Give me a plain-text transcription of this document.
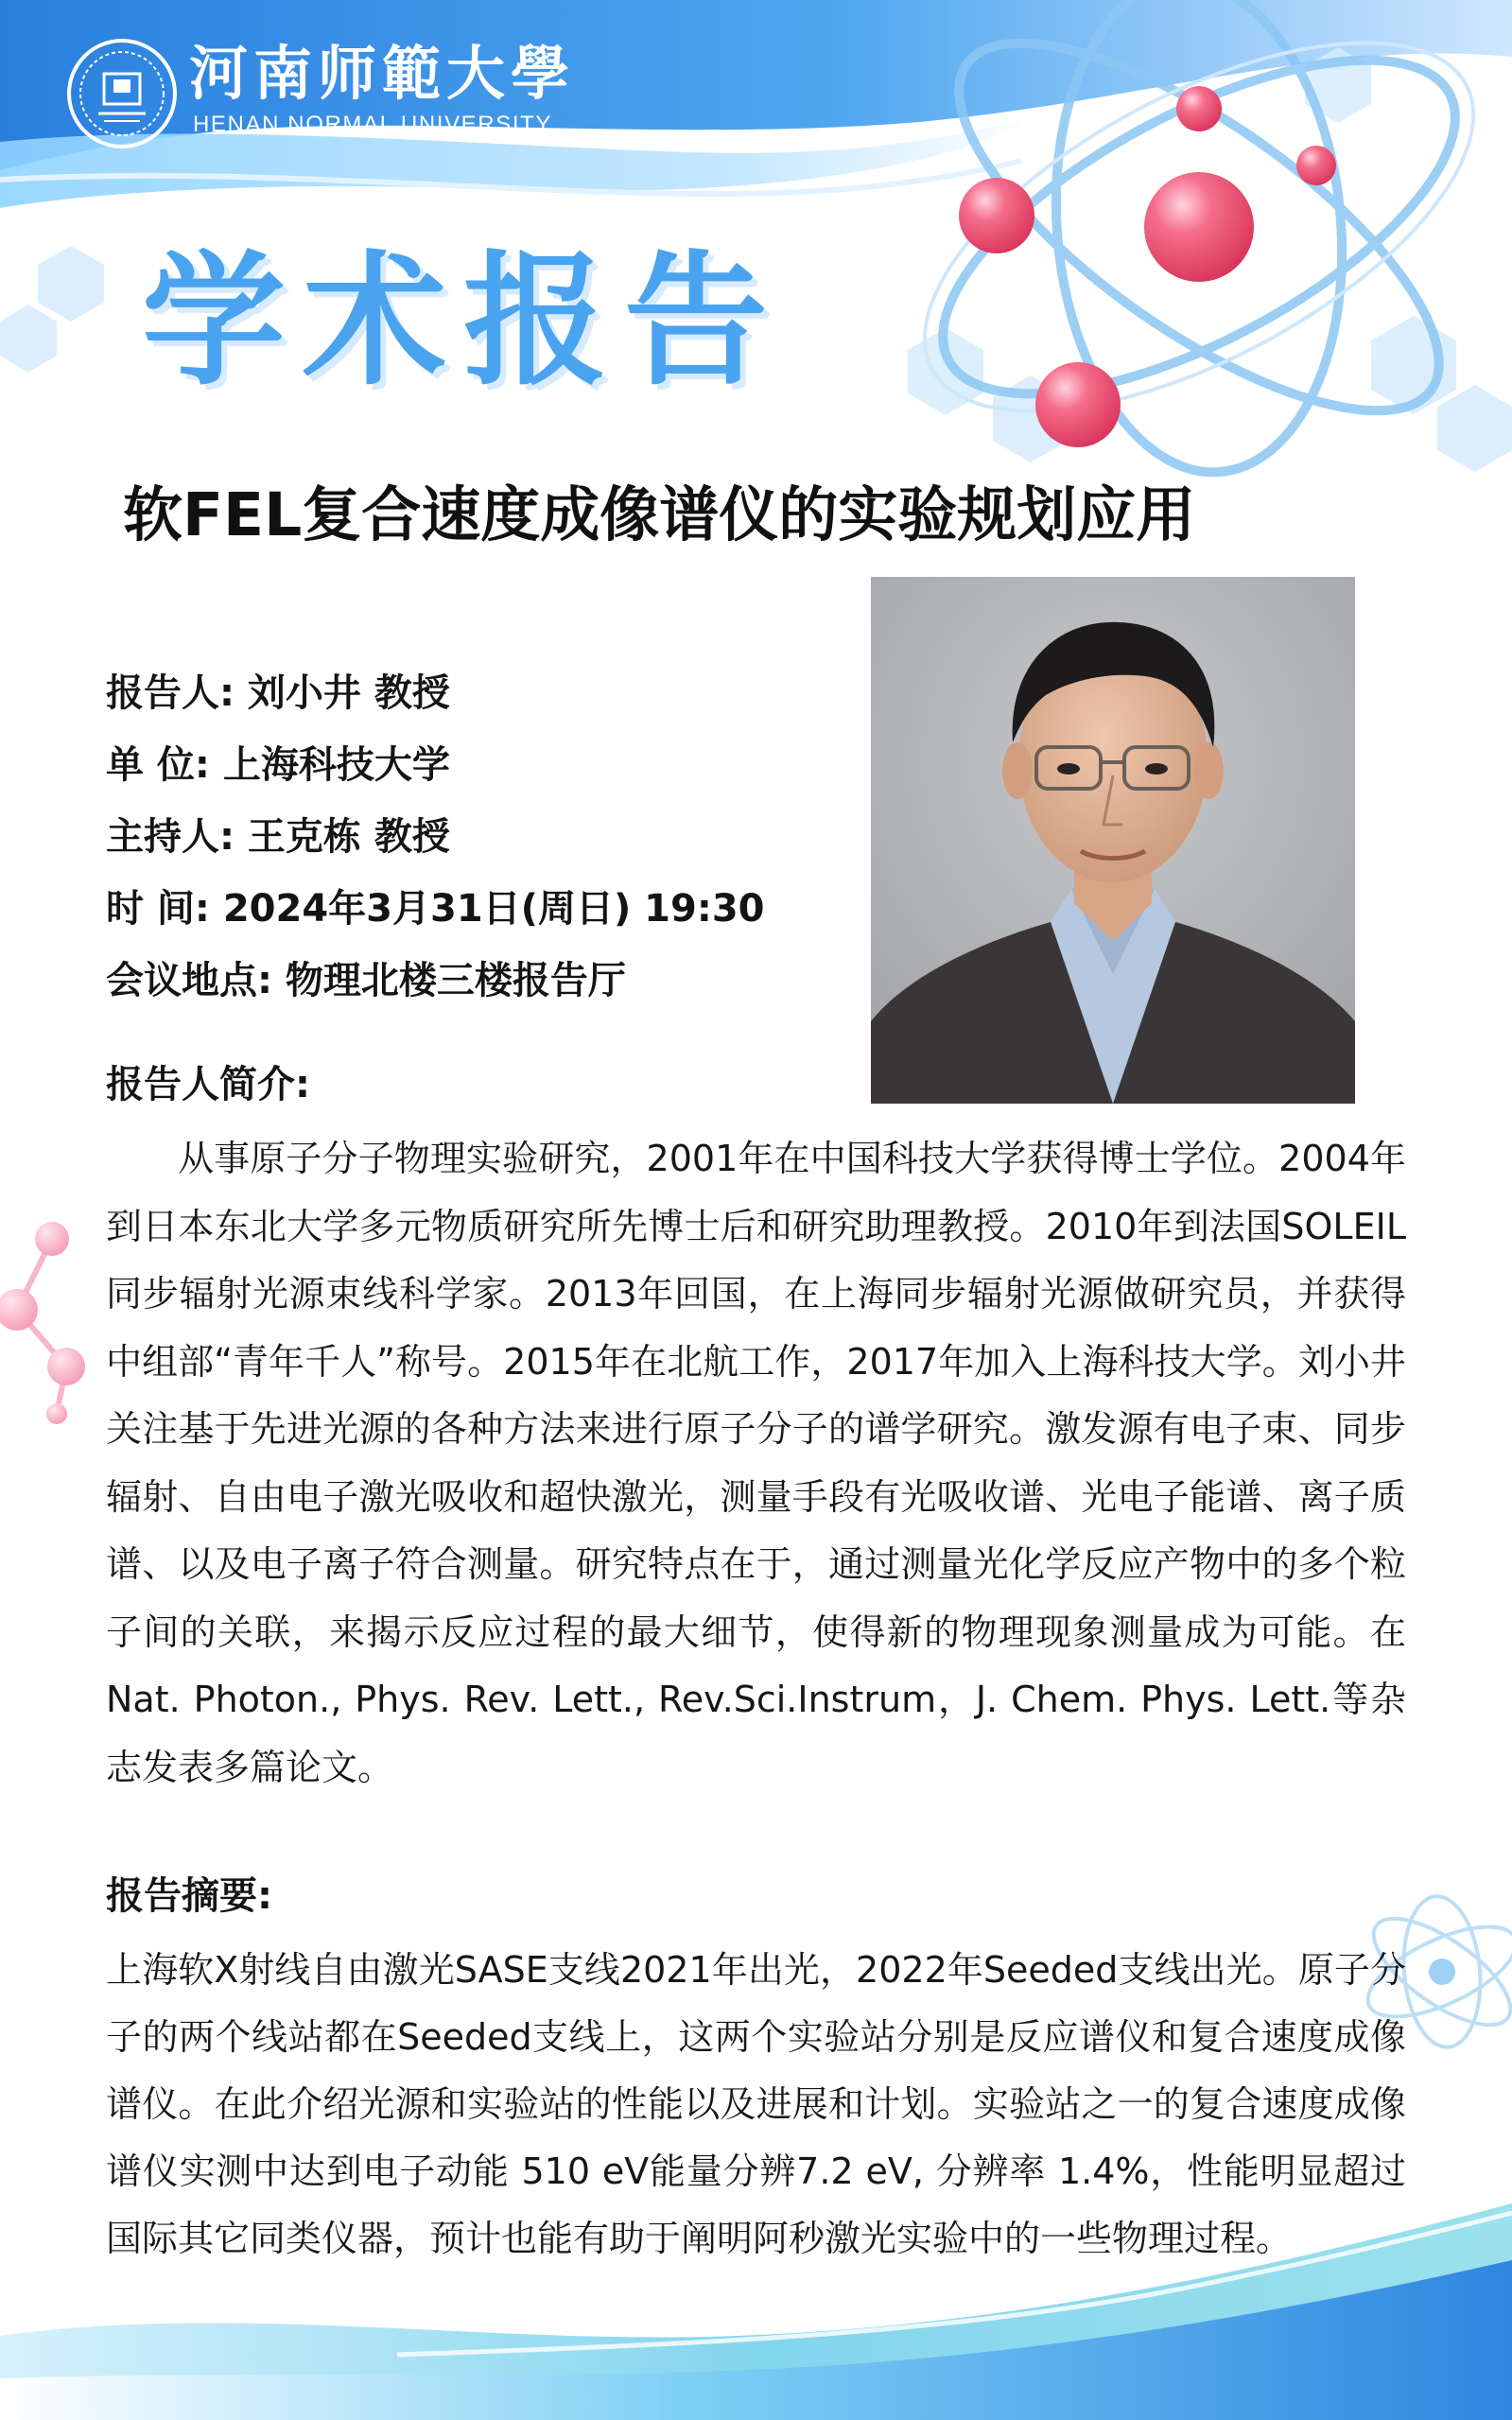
河南师範大學
HENAN NORMAL UNIVERSITY
学术报告
软FEL复合速度成像谱仪的实验规划应用
报告人: 刘小井 教授
单 位: 上海科技大学
主持人: 王克栋 教授
时 间: 2024年3月31日(周日) 19:30
会议地点: 物理北楼三楼报告厅
报告人简介:

从事原子分子物理实验研究，2001年在中国科技大学获得博士学位。2004年到日本东北大学多元物质研究所先博士后和研究助理教授。2010年到法国SOLEIL同步辐射光源束线科学家。2013年回国，在上海同步辐射光源做研究员，并获得中组部“青年千人”称号。2015年在北航工作，2017年加入上海科技大学。刘小井关注基于先进光源的各种方法来进行原子分子的谱学研究。激发源有电子束、同步辐射、自由电子激光吸收和超快激光，测量手段有光吸收谱、光电子能谱、离子质谱、以及电子离子符合测量。研究特点在于，通过测量光化学反应产物中的多个粒子间的关联，来揭示反应过程的最大细节，使得新的物理现象测量成为可能。在Nat. Photon., Phys. Rev. Lett., Rev.Sci.Instrum，J. Chem. Phys. Lett.等杂志发表多篇论文。

报告摘要:

上海软X射线自由激光SASE支线2021年出光，2022年Seeded支线出光。原子分子的两个线站都在Seeded支线上，这两个实验站分别是反应谱仪和复合速度成像谱仪。在此介绍光源和实验站的性能以及进展和计划。实验站之一的复合速度成像谱仪实测中达到电子动能 510 eV能量分辨7.2 eV, 分辨率 1.4%，性能明显超过国际其它同类仪器，预计也能有助于阐明阿秒激光实验中的一些物理过程。
